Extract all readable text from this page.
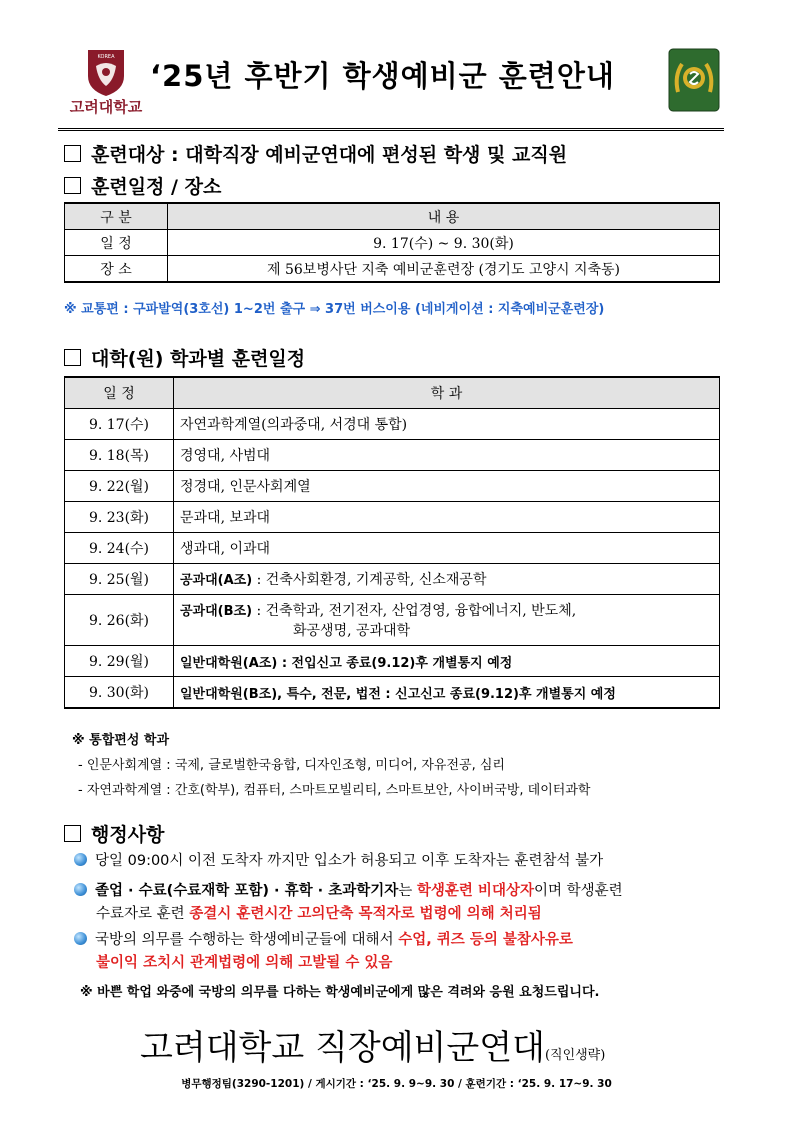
KOREA
고려대학교
‘25년 후반기 학생예비군 훈련안내
훈련대상 : 대학직장 예비군연대에 편성된 학생 및 교직원
훈련일정 / 장소
구 분	내 용
일 정	9. 17(수) ~ 9. 30(화)
장 소	제 56보병사단 지축 예비군훈련장 (경기도 고양시 지축동)
※ 교통편 : 구파발역(3호선) 1~2번 출구 ⇒ 37번 버스이용 (네비게이션 : 지축예비군훈련장)
대학(원) 학과별 훈련일정
일 정	학 과
9. 17(수)	자연과학계열(의과중대, 서경대 통합)
9. 18(목)	경영대, 사범대
9. 22(월)	정경대, 인문사회계열
9. 23(화)	문과대, 보과대
9. 24(수)	생과대, 이과대
9. 25(월)	공과대(A조) : 건축사회환경, 기계공학, 신소재공학
9. 26(화)	공과대(B조) : 건축학과, 전기전자, 산업경영, 융합에너지, 반도체,
화공생명, 공과대학

9. 29(월)	일반대학원(A조) : 전입신고 종료(9.12)후 개별통지 예정
9. 30(화)	일반대학원(B조), 특수, 전문, 법전 : 신고신고 종료(9.12)후 개별통지 예정
※ 통합편성 학과
- 인문사회계열 : 국제, 글로벌한국융합, 디자인조형, 미디어, 자유전공, 심리
- 자연과학계열 : 간호(학부), 컴퓨터, 스마트모빌리티, 스마트보안, 사이버국방, 데이터과학
행정사항
당일 09:00시 이전 도착자 까지만 입소가 허용되고 이후 도착자는 훈련참석 불가
졸업 · 수료(수료재학 포함) · 휴학 · 초과학기자는 학생훈련 비대상자이며 학생훈련
수료자로 훈련 종결시 훈련시간 고의단축 목적자로 법령에 의해 처리됨
국방의 의무를 수행하는 학생예비군들에 대해서 수업, 퀴즈 등의 불참사유로
불이익 조치시 관계법령에 의해 고발될 수 있음
※ 바쁜 학업 와중에 국방의 의무를 다하는 학생예비군에게 많은 격려와 응원 요청드립니다.
고려대학교 직장예비군연대(직인생략)
병무행정팀(3290-1201) / 게시기간 : ‘25. 9. 9~9. 30 / 훈련기간 : ‘25. 9. 17~9. 30
